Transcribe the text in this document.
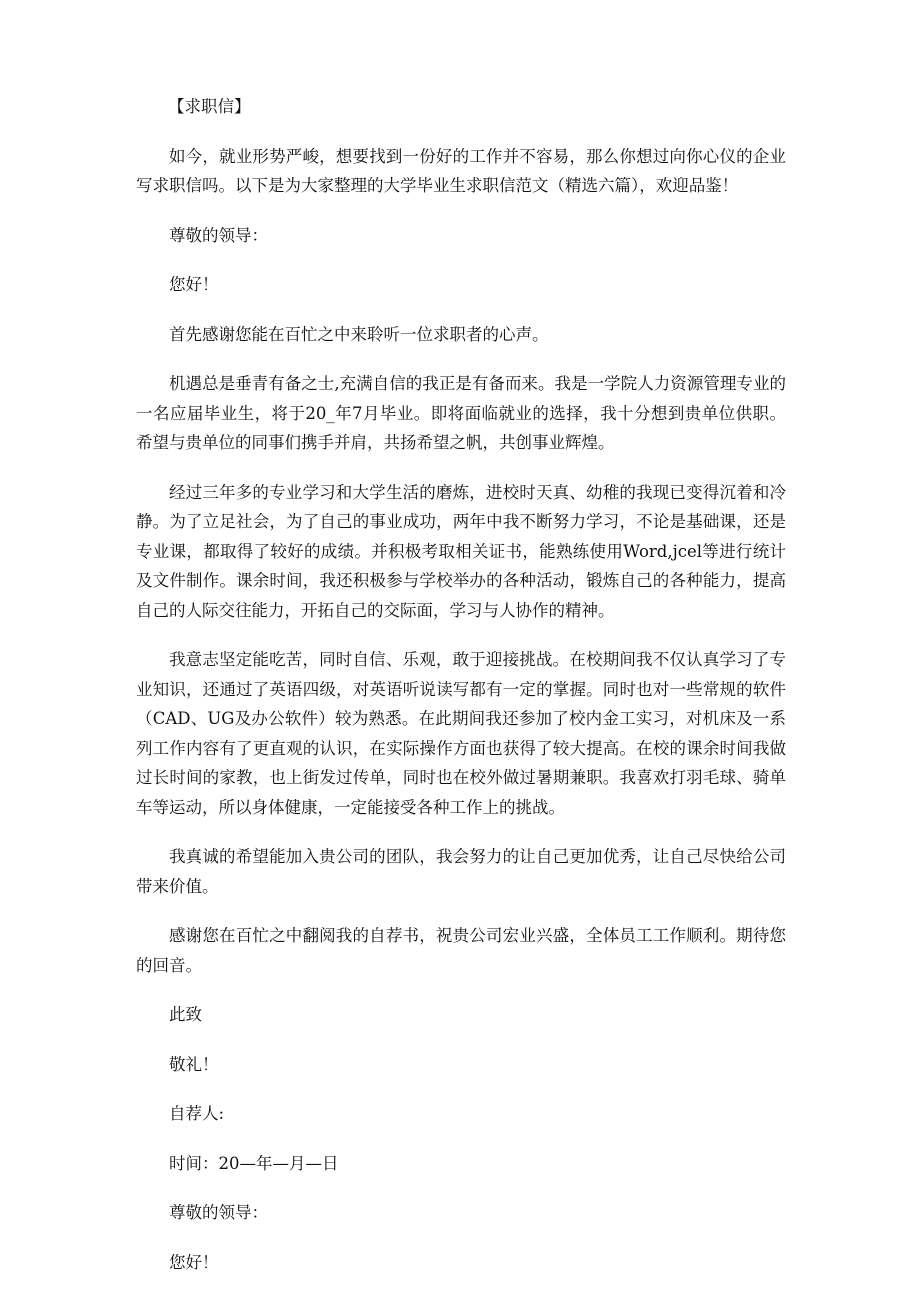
【求职信】

如今，就业形势严峻，想要找到一份好的工作并不容易，那么你想过向你心仪的企业写求职信吗。以下是为大家整理的大学毕业生求职信范文（精选六篇），欢迎品鉴！

尊敬的领导：

您好！

首先感谢您能在百忙之中来聆听一位求职者的心声。

机遇总是垂青有备之士,充满自信的我正是有备而来。我是一学院人力资源管理专业的一名应届毕业生，将于20_年7月毕业。即将面临就业的选择，我十分想到贵单位供职。希望与贵单位的同事们携手并肩，共扬希望之帆，共创事业辉煌。

经过三年多的专业学习和大学生活的磨炼，进校时天真、幼稚的我现已变得沉着和冷静。为了立足社会，为了自己的事业成功，两年中我不断努力学习，不论是基础课，还是专业课，都取得了较好的成绩。并积极考取相关证书，能熟练使用Word,jcel等进行统计及文件制作。课余时间，我还积极参与学校举办的各种活动，锻炼自己的各种能力，提高自己的人际交往能力，开拓自己的交际面，学习与人协作的精神。

我意志坚定能吃苦，同时自信、乐观，敢于迎接挑战。在校期间我不仅认真学习了专业知识，还通过了英语四级，对英语听说读写都有一定的掌握。同时也对一些常规的软件（CAD、UG及办公软件）较为熟悉。在此期间我还参加了校内金工实习，对机床及一系列工作内容有了更直观的认识，在实际操作方面也获得了较大提高。在校的课余时间我做过长时间的家教，也上街发过传单，同时也在校外做过暑期兼职。我喜欢打羽毛球、骑单车等运动，所以身体健康，一定能接受各种工作上的挑战。

我真诚的希望能加入贵公司的团队，我会努力的让自己更加优秀，让自己尽快给公司带来价值。

感谢您在百忙之中翻阅我的自荐书，祝贵公司宏业兴盛，全体员工工作顺利。期待您的回音。

此致

敬礼！

自荐人:

时间：20—年—月—日

尊敬的领导：

您好！
